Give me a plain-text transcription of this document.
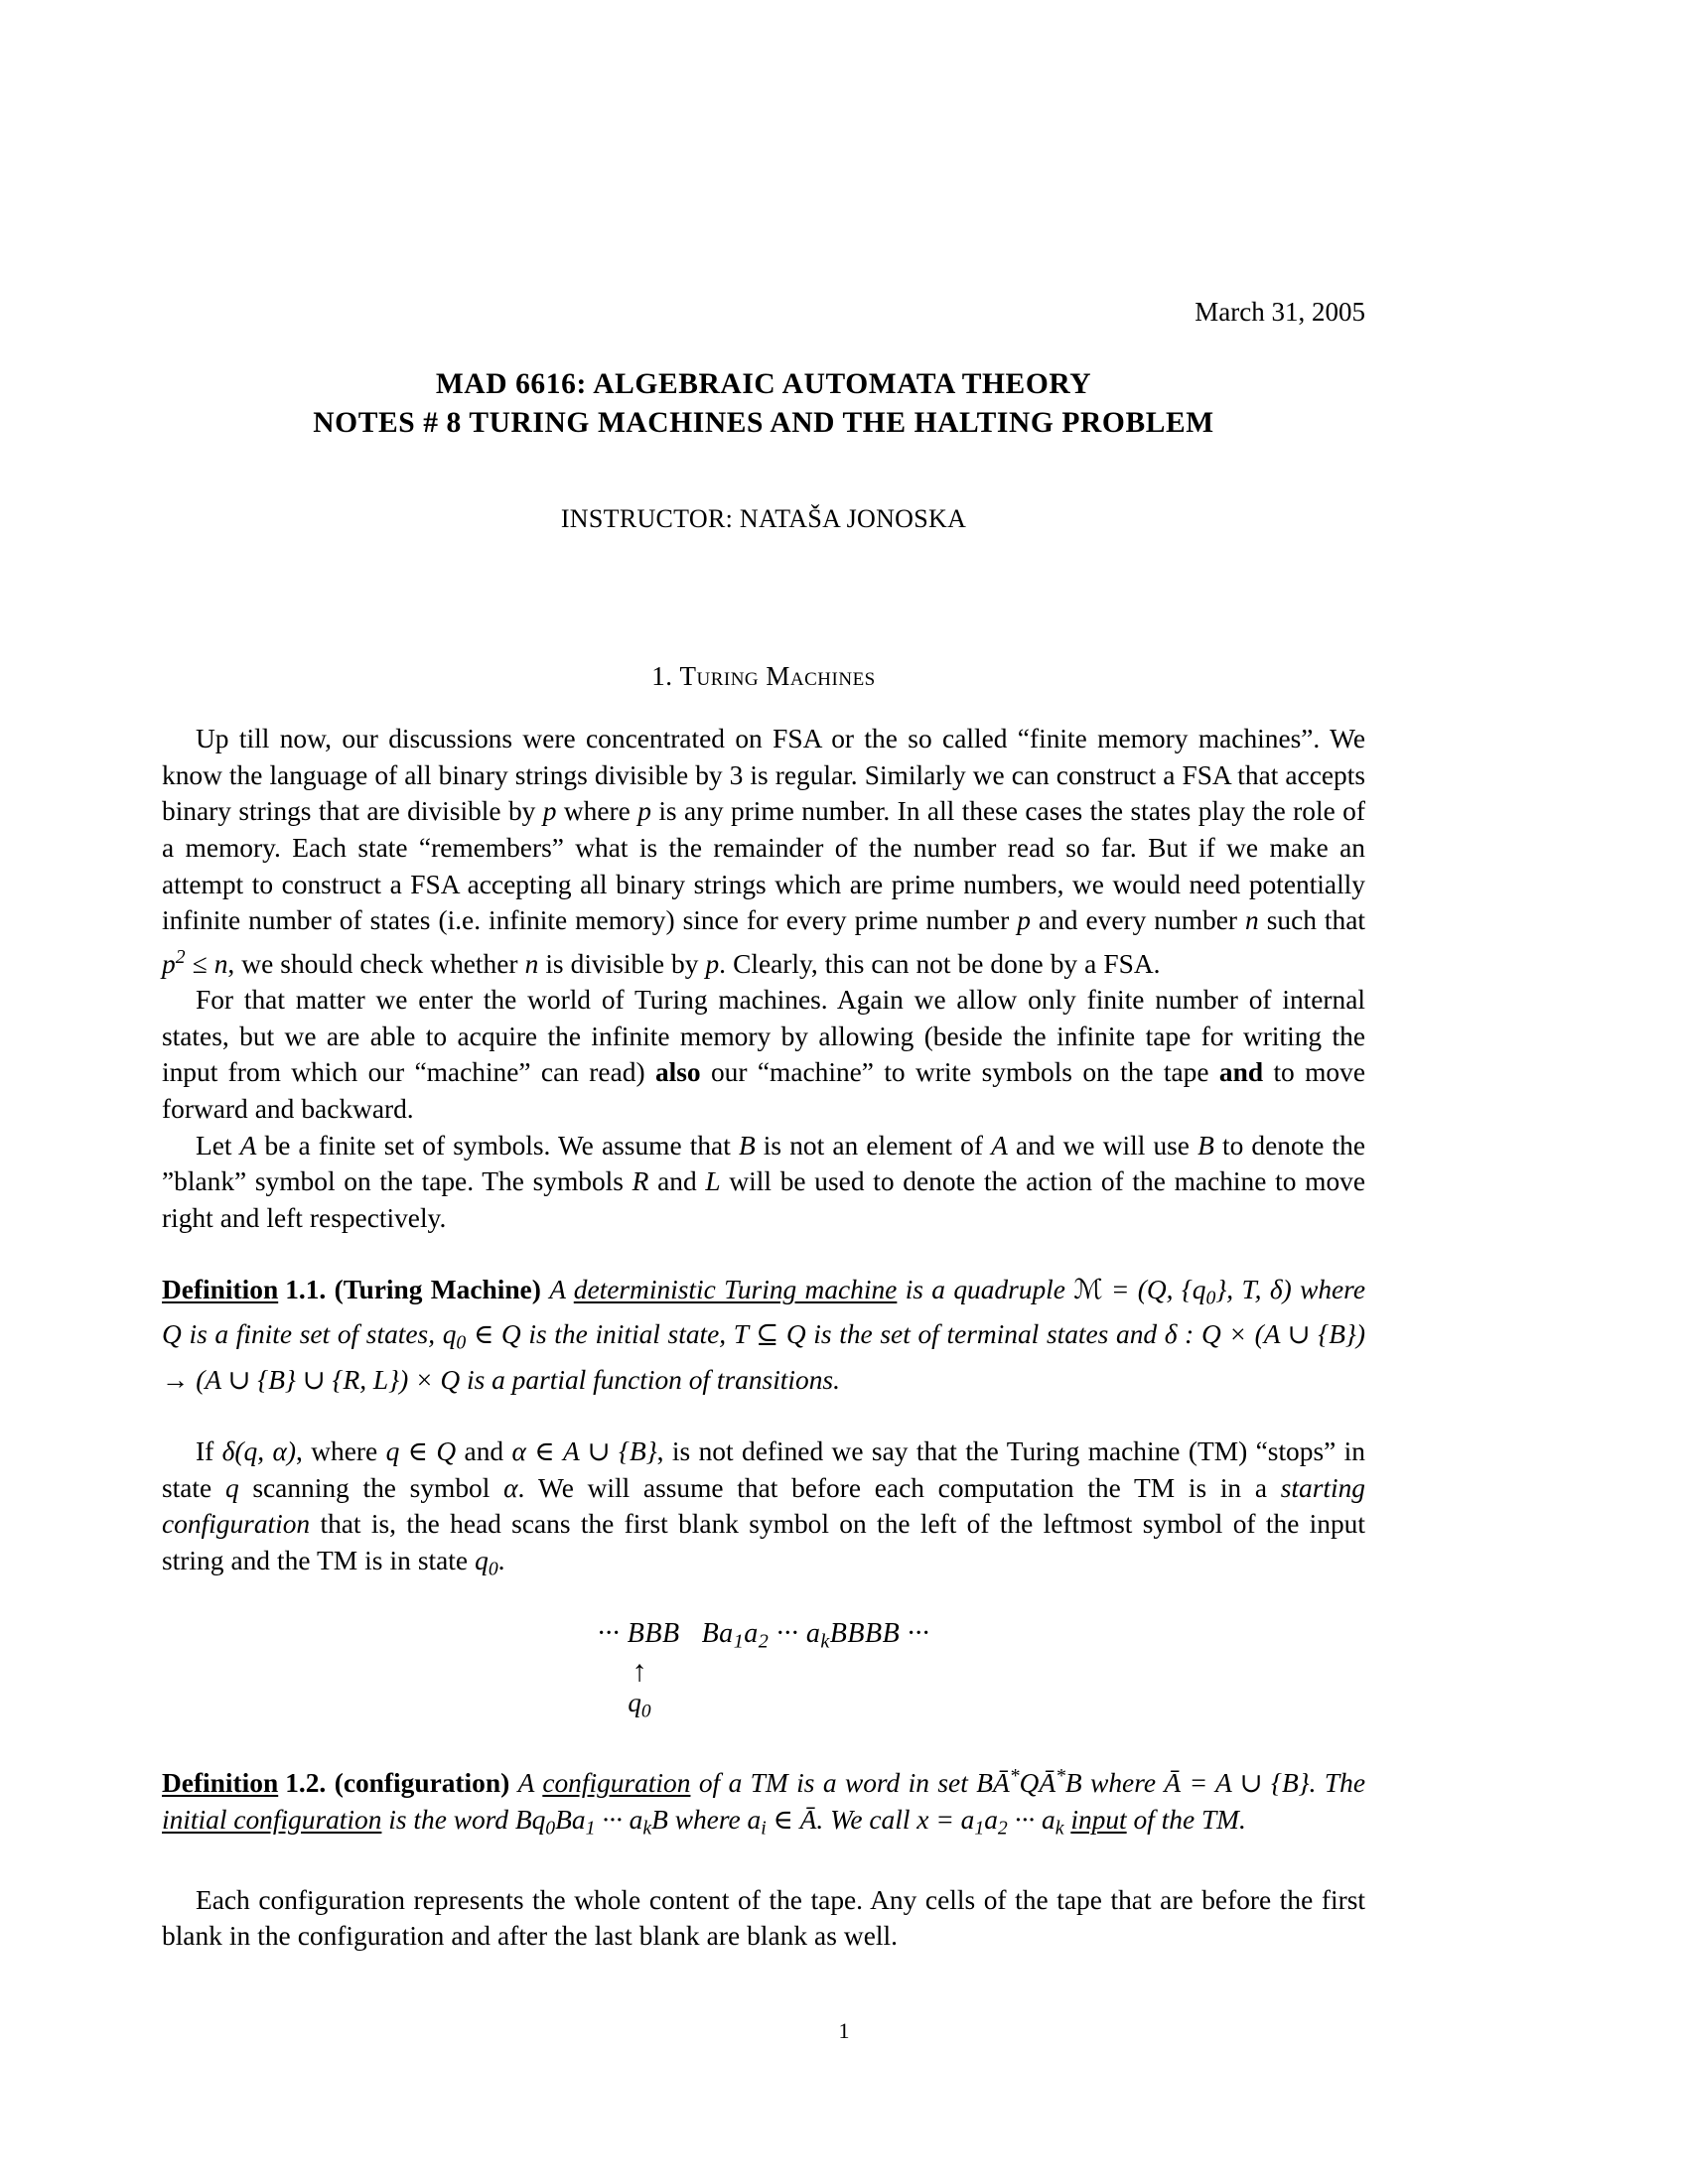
March 31, 2005
MAD 6616: ALGEBRAIC AUTOMATA THEORY
NOTES # 8 TURING MACHINES AND THE HALTING PROBLEM
INSTRUCTOR: NATAŠA JONOSKA
1. Turing Machines

Up till now, our discussions were concentrated on FSA or the so called “finite memory machines”. We know the language of all binary strings divisible by 3 is regular. Similarly we can construct a FSA that accepts binary strings that are divisible by p where p is any prime number. In all these cases the states play the role of a memory. Each state “remembers” what is the remainder of the number read so far. But if we make an attempt to construct a FSA accepting all binary strings which are prime numbers, we would need potentially infinite number of states (i.e. infinite memory) since for every prime number p and every number n such that $p^2 \le n$, we should check whether n is divisible by p. Clearly, this can not be done by a FSA.

For that matter we enter the world of Turing machines. Again we allow only finite number of internal states, but we are able to acquire the infinite memory by allowing (beside the infinite tape for writing the input from which our “machine” can read) also our “machine” to write symbols on the tape and to move forward and backward.

Let A be a finite set of symbols. We assume that B is not an element of A and we will use B to denote the ”blank” symbol on the tape. The symbols R and L will be used to denote the action of the machine to move right and left respectively.

Definition 1.1. (Turing Machine) A deterministic Turing machine is a quadruple ℳ = (Q, $\{q_0\}$, T, δ) where Q is a finite set of states, $q_0$ ∈ Q is the initial state, T ⊆ Q is the set of terminal states and δ : Q × (A ∪ {B}) → (A ∪ {B} ∪ {R, L}) × Q is a partial function of transitions.

If δ(q, α), where q ∈ Q and α ∈ A ∪ {B}, is not defined we say that the Turing machine (TM) “stops” in state q scanning the symbol α. We will assume that before each computation the TM is in a starting configuration that is, the head scans the first blank symbol on the left of the leftmost symbol of the input string and the TM is in state $q_0$.

··· BBB $Ba_1a_2$ ··· $a_kBBBB$ ···
↑
$q_0$

Definition 1.2. (configuration) A configuration of a TM is a word in set BĀ*QĀ*B where Ā = A ∪ {B}. The initial configuration is the word $Bq_0Ba_1$ ··· $a_kB$ where $a_i$ ∈ Ā. We call $x = a_1a_2$ ··· $a_k$ input of the TM.

Each configuration represents the whole content of the tape. Any cells of the tape that are before the first blank in the configuration and after the last blank are blank as well.

1
